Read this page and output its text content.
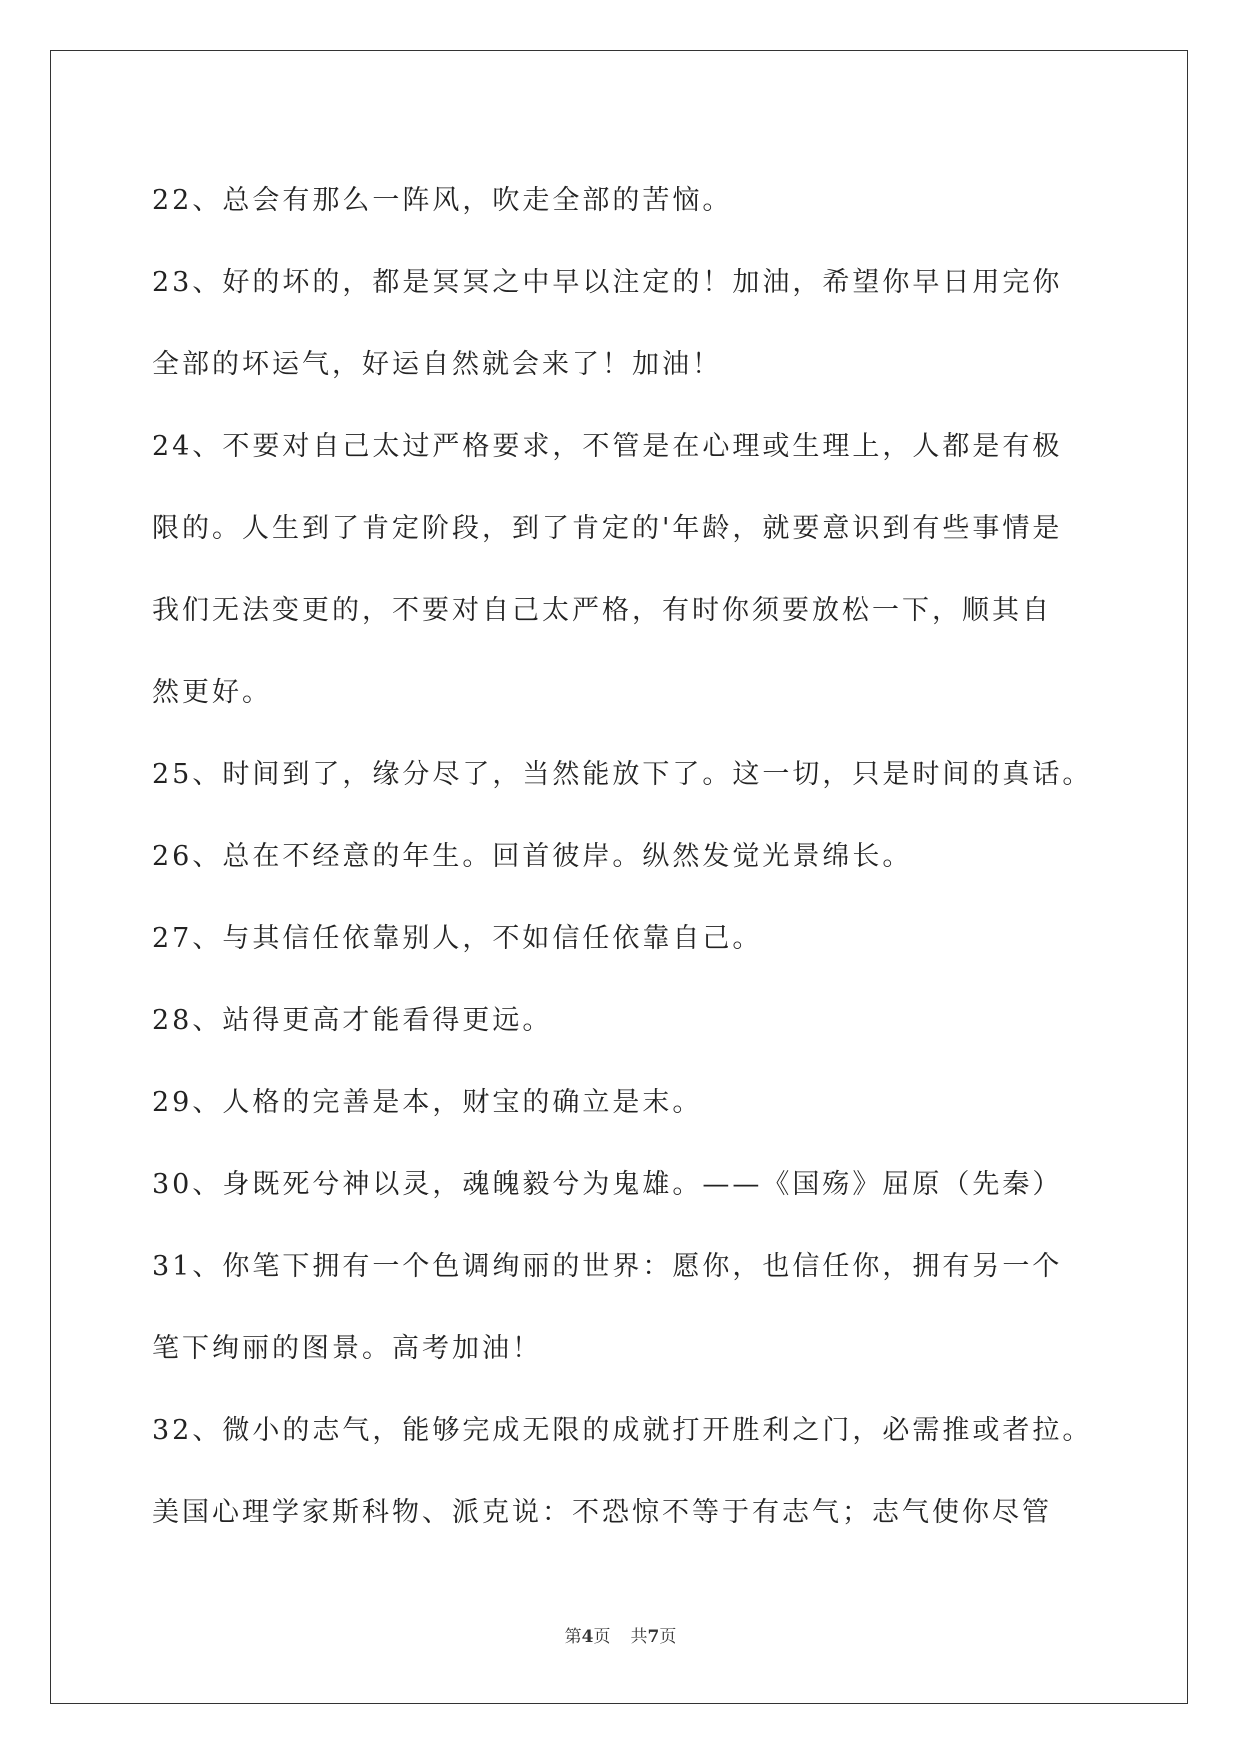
22、总会有那么一阵风，吹走全部的苦恼。

23、好的坏的，都是冥冥之中早以注定的！加油，希望你早日用完你

全部的坏运气，好运自然就会来了！加油！

24、不要对自己太过严格要求，不管是在心理或生理上，人都是有极

限的。人生到了肯定阶段，到了肯定的'年龄，就要意识到有些事情是

我们无法变更的，不要对自己太严格，有时你须要放松一下，顺其自

然更好。

25、时间到了，缘分尽了，当然能放下了。这一切，只是时间的真话。

26、总在不经意的年生。回首彼岸。纵然发觉光景绵长。

27、与其信任依靠别人，不如信任依靠自己。

28、站得更高才能看得更远。

29、人格的完善是本，财宝的确立是末。

30、身既死兮神以灵，魂魄毅兮为鬼雄。——《国殇》屈原（先秦）

31、你笔下拥有一个色调绚丽的世界：愿你，也信任你，拥有另一个

笔下绚丽的图景。高考加油！

32、微小的志气，能够完成无限的成就打开胜利之门，必需推或者拉。

美国心理学家斯科物、派克说：不恐惊不等于有志气；志气使你尽管

第4页 共7页
